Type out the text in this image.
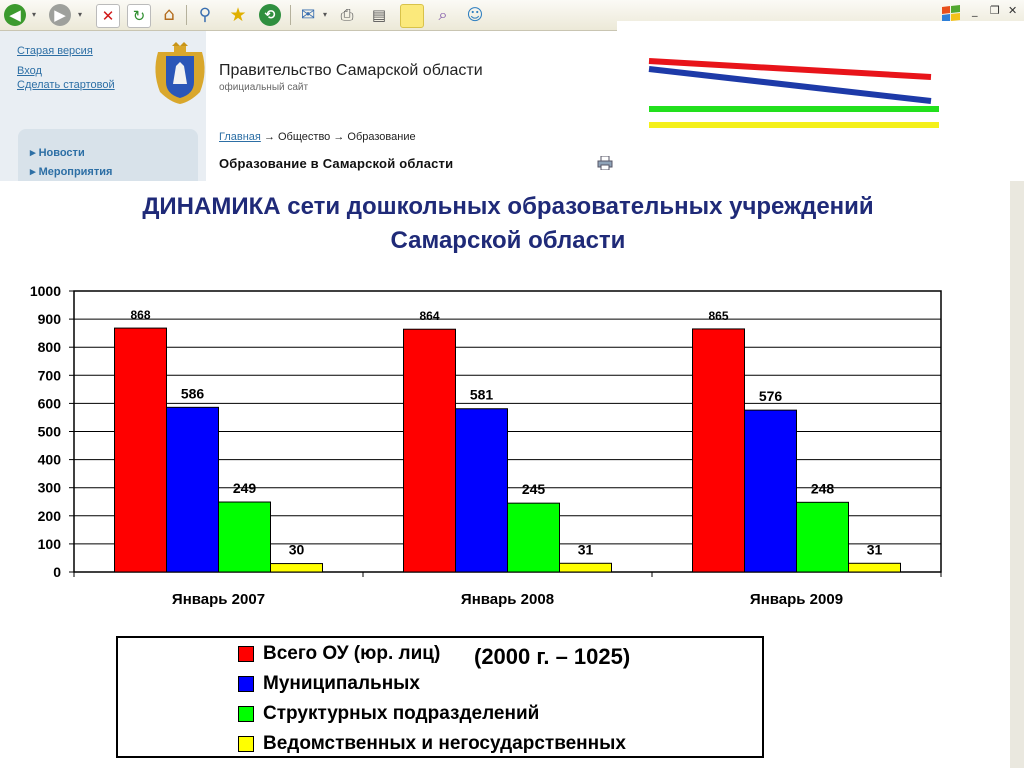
◀	▾	▶	▾	✕	↻	⌂	⚲ ★	⟲	✉ ▾ ⎙	▤	⌕	☺	_ ❐ ✕
Старая версия
Вход
Сделать стартовой
Правительство Самарской области
официальный сайт
▸ Новости
▸ Мероприятия
Главная → Общество → Образование
Образование в Самарской области
ДИНАМИКА сети дошкольных образовательных учреждений
Самарской области
0
100
200
300
400
500
600
700
800
900
1000
868
586
249
30
Январь 2007
864
581
245
31
Январь 2008
865
576
248
31
Январь 2009
Всего ОУ (юр. лиц) (2000 г. – 1025)
Муниципальных
Структурных подразделений
Ведомственных и негосударственных
